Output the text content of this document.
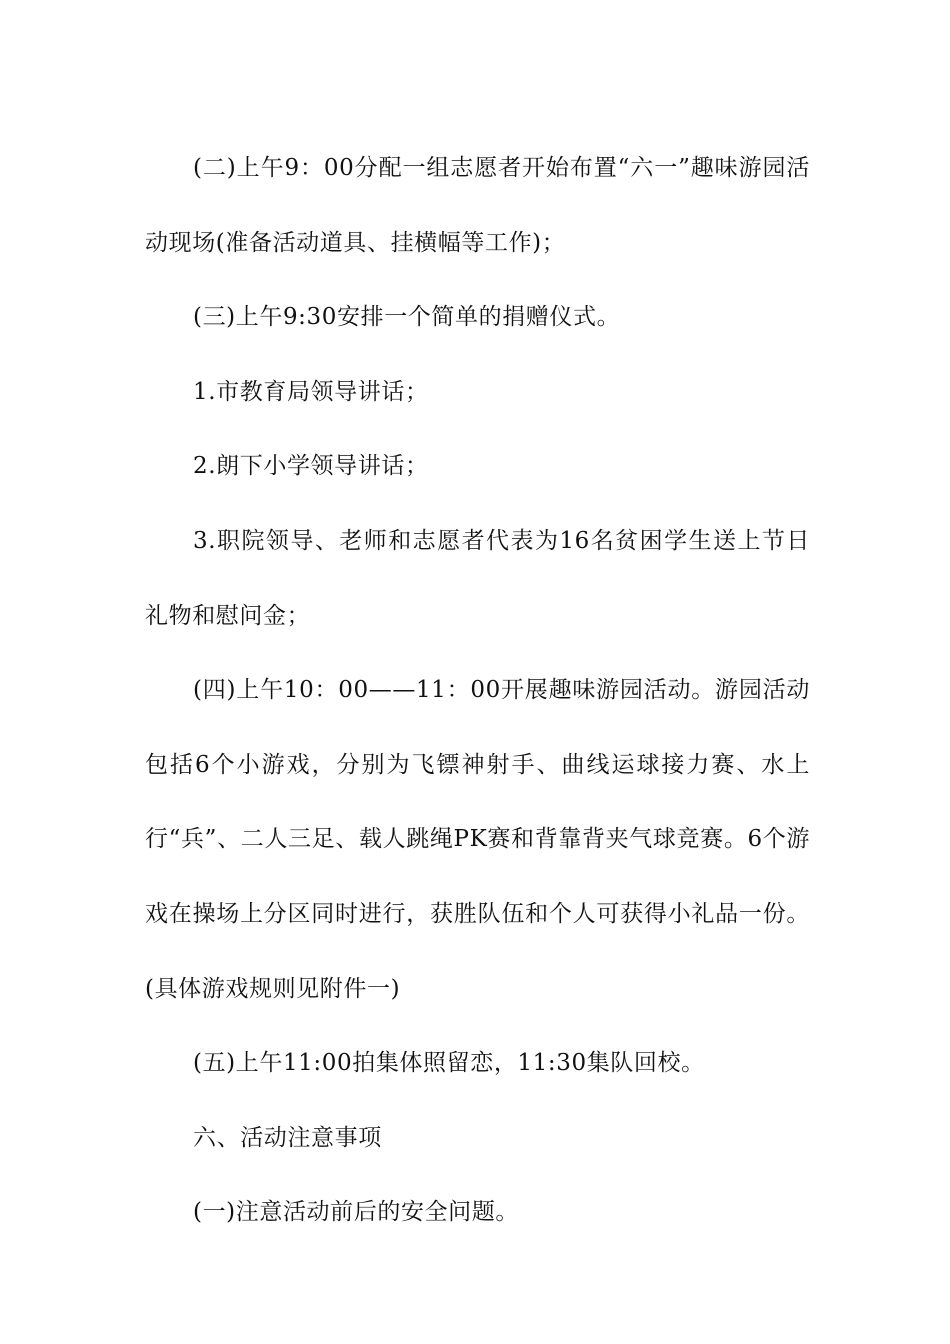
(二)上午9：00分配一组志愿者开始布置“六一”趣味游园活动现场(准备活动道具、挂横幅等工作)；

(三)上午9:30安排一个简单的捐赠仪式。

1.市教育局领导讲话；

2.朗下小学领导讲话；

3.职院领导、老师和志愿者代表为16名贫困学生送上节日礼物和慰问金；

(四)上午10：00——11：00开展趣味游园活动。游园活动包括6个小游戏，分别为飞镖神射手、曲线运球接力赛、水上行“兵”、二人三足、载人跳绳PK赛和背靠背夹气球竞赛。6个游戏在操场上分区同时进行，获胜队伍和个人可获得小礼品一份。(具体游戏规则见附件一)

(五)上午11:00拍集体照留恋，11:30集队回校。

六、活动注意事项

(一)注意活动前后的安全问题。
